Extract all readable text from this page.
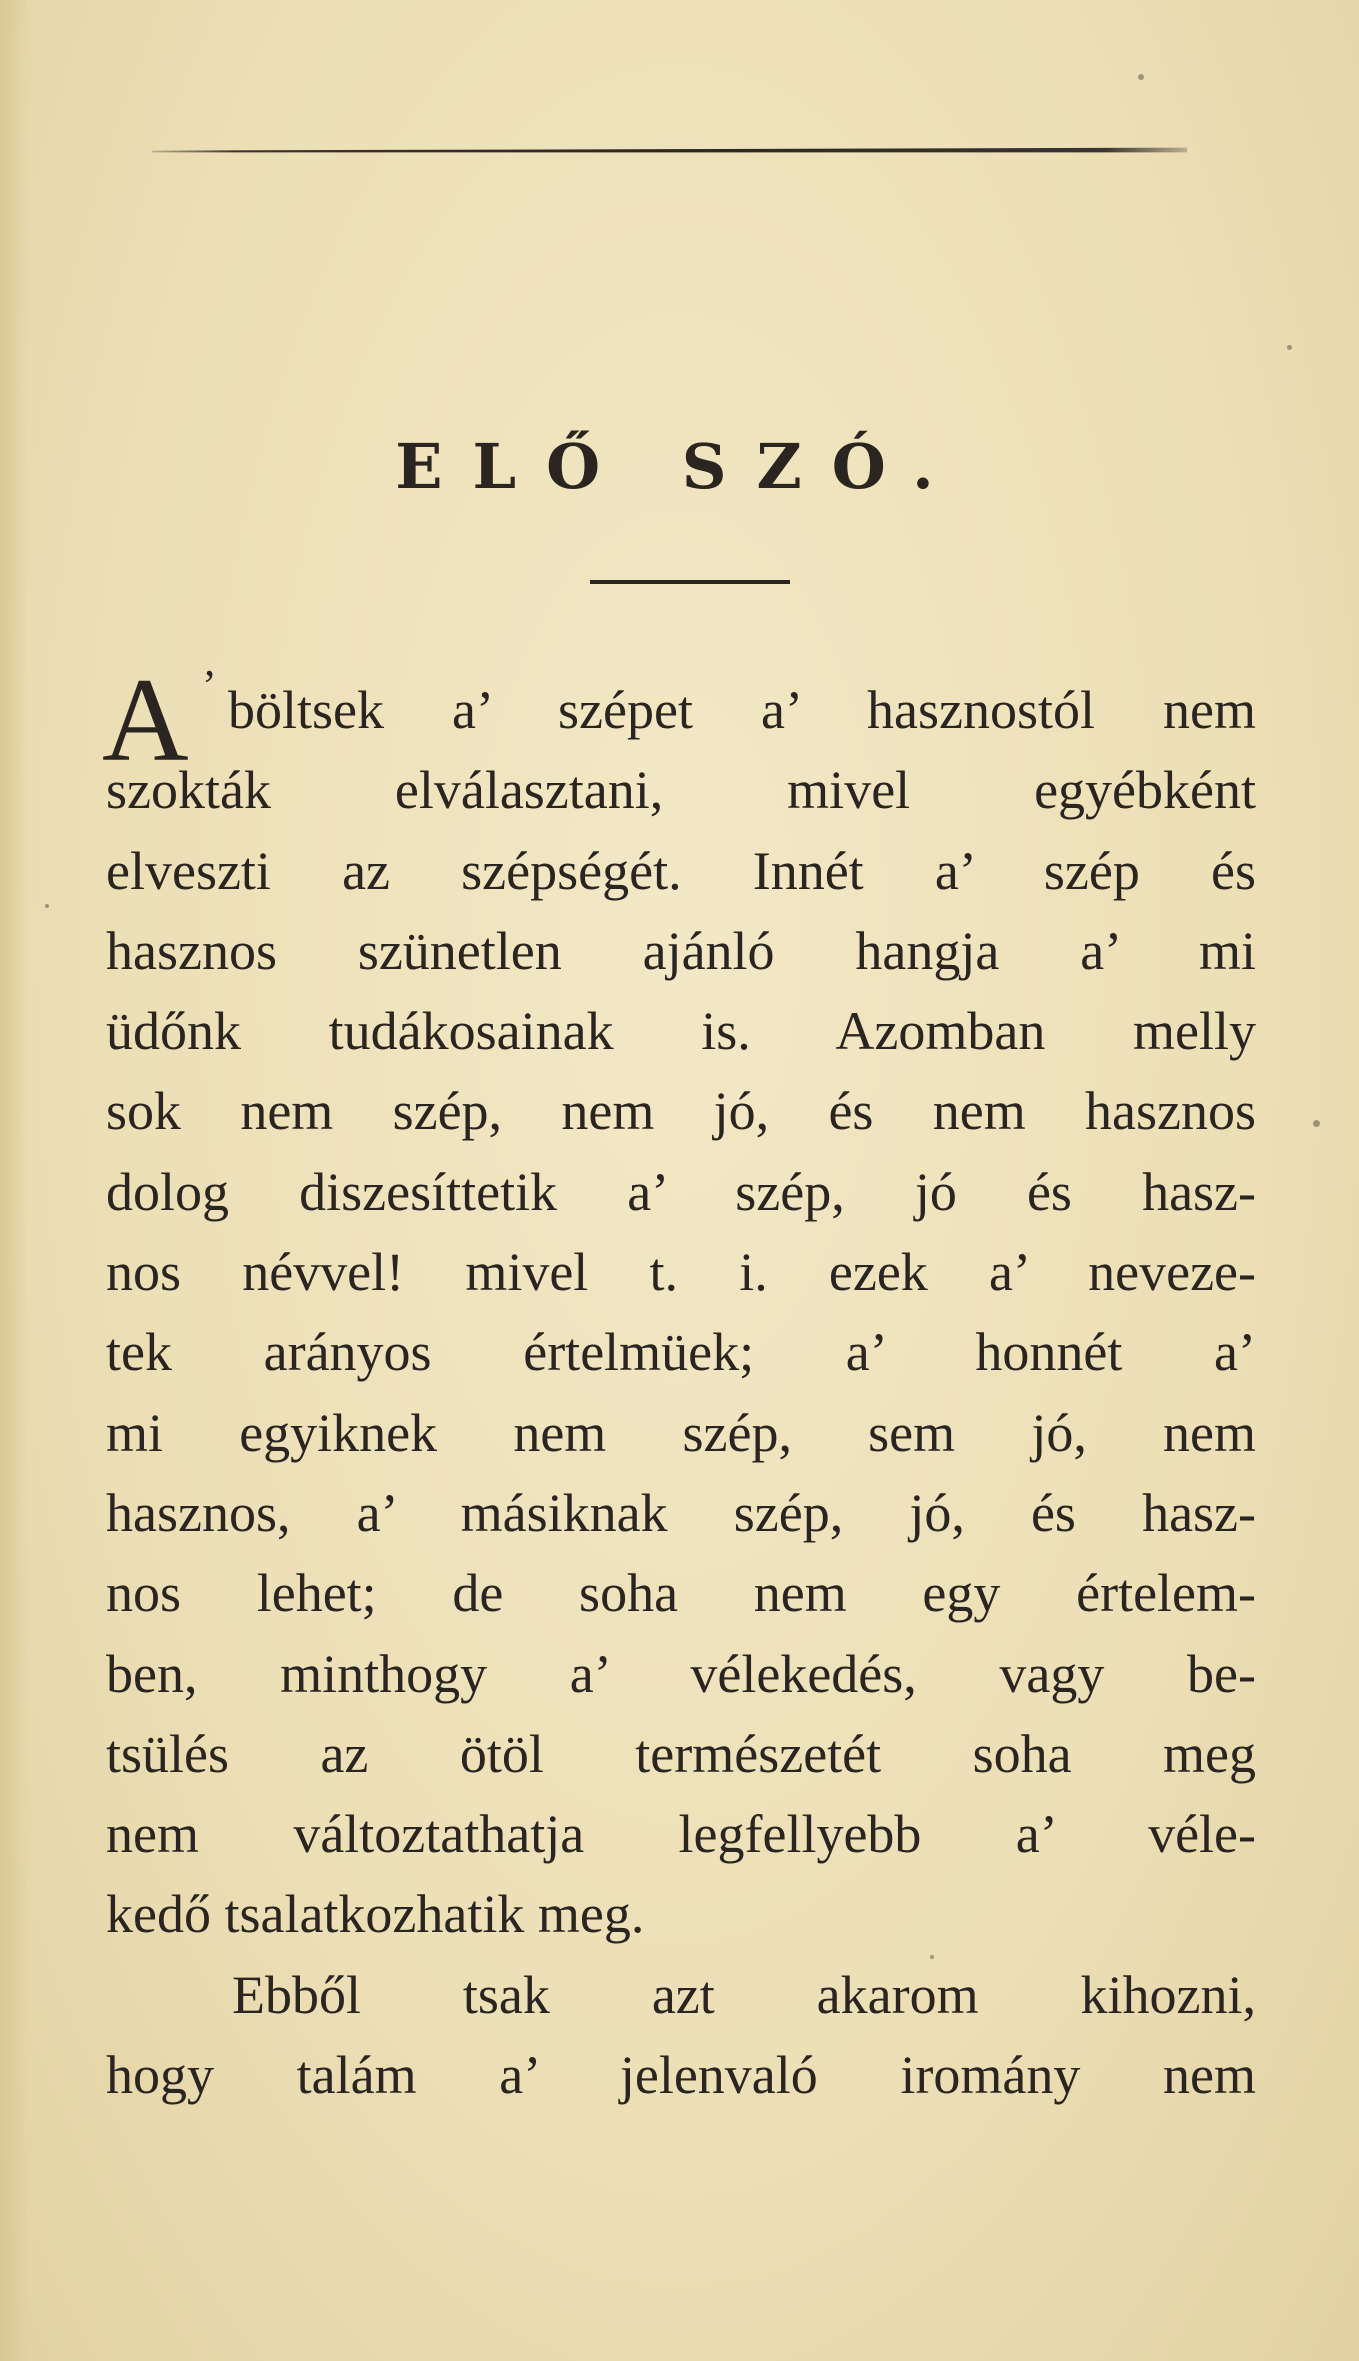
ELŐ SZÓ.
A ’ böltsek a’ szépet a’ hasznostól nem
szokták elválasztani, mivel egyébként
elveszti az szépségét. Innét a’ szép és
hasznos szünetlen ajánló hangja a’ mi
üdőnk tudákosainak is. Azomban melly
sok nem szép, nem jó, és nem hasznos
dolog diszesíttetik a’ szép, jó és hasz-
nos névvel! mivel t. i. ezek a’ neveze-
tek arányos értelmüek; a’ honnét a’
mi egyiknek nem szép, sem jó, nem
hasznos, a’ másiknak szép, jó, és hasz-
nos lehet; de soha nem egy értelem-
ben, minthogy a’ vélekedés, vagy be-
tsülés az ötöl természetét soha meg
nem változtathatja legfellyebb a’ véle-
kedő tsalatkozhatik meg.
Ebből tsak azt akarom kihozni,
hogy talám a’ jelenvaló iromány nem
